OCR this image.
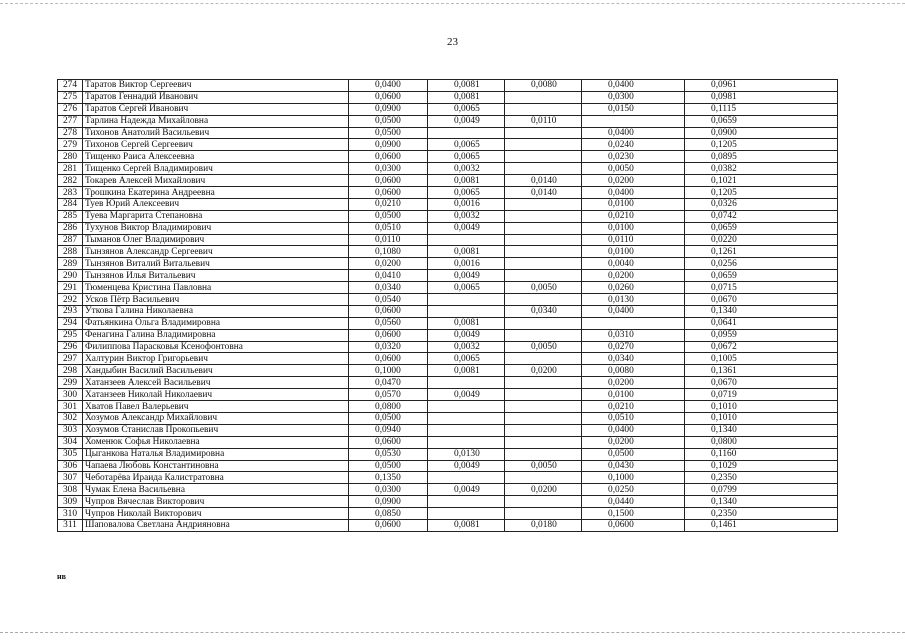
23
274	Таратов Виктор Сергеевич	0,0400	0,0081	0,0080	0,0400	0,0961
275	Таратов Геннадий Иванович	0,0600	0,0081		0,0300	0,0981
276	Таратов Сергей Иванович	0,0900	0,0065		0,0150	0,1115
277	Тарлина Надежда Михайловна	0,0500	0,0049	0,0110		0,0659
278	Тихонов Анатолий Васильевич	0,0500			0,0400	0,0900
279	Тихонов Сергей Сергеевич	0,0900	0,0065		0,0240	0,1205
280	Тищенко Раиса Алексеевна	0,0600	0,0065		0,0230	0,0895
281	Тищенко Сергей Владимирович	0,0300	0,0032		0,0050	0,0382
282	Токарев Алексей Михайлович	0,0600	0,0081	0,0140	0,0200	0,1021
283	Трошкина Екатерина Андреевна	0,0600	0,0065	0,0140	0,0400	0,1205
284	Туев Юрий Алексеевич	0,0210	0,0016		0,0100	0,0326
285	Туева Маргарита Степановна	0,0500	0,0032		0,0210	0,0742
286	Тухунов Виктор Владимирович	0,0510	0,0049		0,0100	0,0659
287	Тыманов Олег Владимирович	0,0110			0,0110	0,0220
288	Тынзянов Александр Сергеевич	0,1080	0,0081		0,0100	0,1261
289	Тынзянов Виталий Витальевич	0,0200	0,0016		0,0040	0,0256
290	Тынзянов Илья Витальевич	0,0410	0,0049		0,0200	0,0659
291	Тюменцева Кристина Павловна	0,0340	0,0065	0,0050	0,0260	0,0715
292	Усков Пётр Васильевич	0,0540			0,0130	0,0670
293	Уткова Галина Николаевна	0,0600		0,0340	0,0400	0,1340
294	Фатьянкина Ольга Владимировна	0,0560	0,0081			0,0641
295	Фенагина Галина Владимировна	0,0600	0,0049		0,0310	0,0959
296	Филиппова Парасковья Ксенофонтовна	0,0320	0,0032	0,0050	0,0270	0,0672
297	Халтурин Виктор Григорьевич	0,0600	0,0065		0,0340	0,1005
298	Хандыбин Василий Васильевич	0,1000	0,0081	0,0200	0,0080	0,1361
299	Хатанзеев Алексей Васильевич	0,0470			0,0200	0,0670
300	Хатанзеев Николай Николаевич	0,0570	0,0049		0,0100	0,0719
301	Хватов Павел Валерьевич	0,0800			0,0210	0,1010
302	Хозумов Александр Михайлович	0,0500			0,0510	0,1010
303	Хозумов Станислав Прокопьевич	0,0940			0,0400	0,1340
304	Хоменюк Софья Николаевна	0,0600			0,0200	0,0800
305	Цыганкова Наталья Владимировна	0,0530	0,0130		0,0500	0,1160
306	Чапаева Любовь Константиновна	0,0500	0,0049	0,0050	0,0430	0,1029
307	Чеботарёва Ираида Калистратовна	0,1350			0,1000	0,2350
308	Чумак Елена Васильевна	0,0300	0,0049	0,0200	0,0250	0,0799
309	Чупров Вячеслав Викторович	0,0900			0,0440	0,1340
310	Чупров Николай Викторович	0,0850			0,1500	0,2350
311	Шаповалова Светлана Андрияновна	0,0600	0,0081	0,0180	0,0600	0,1461
нв
